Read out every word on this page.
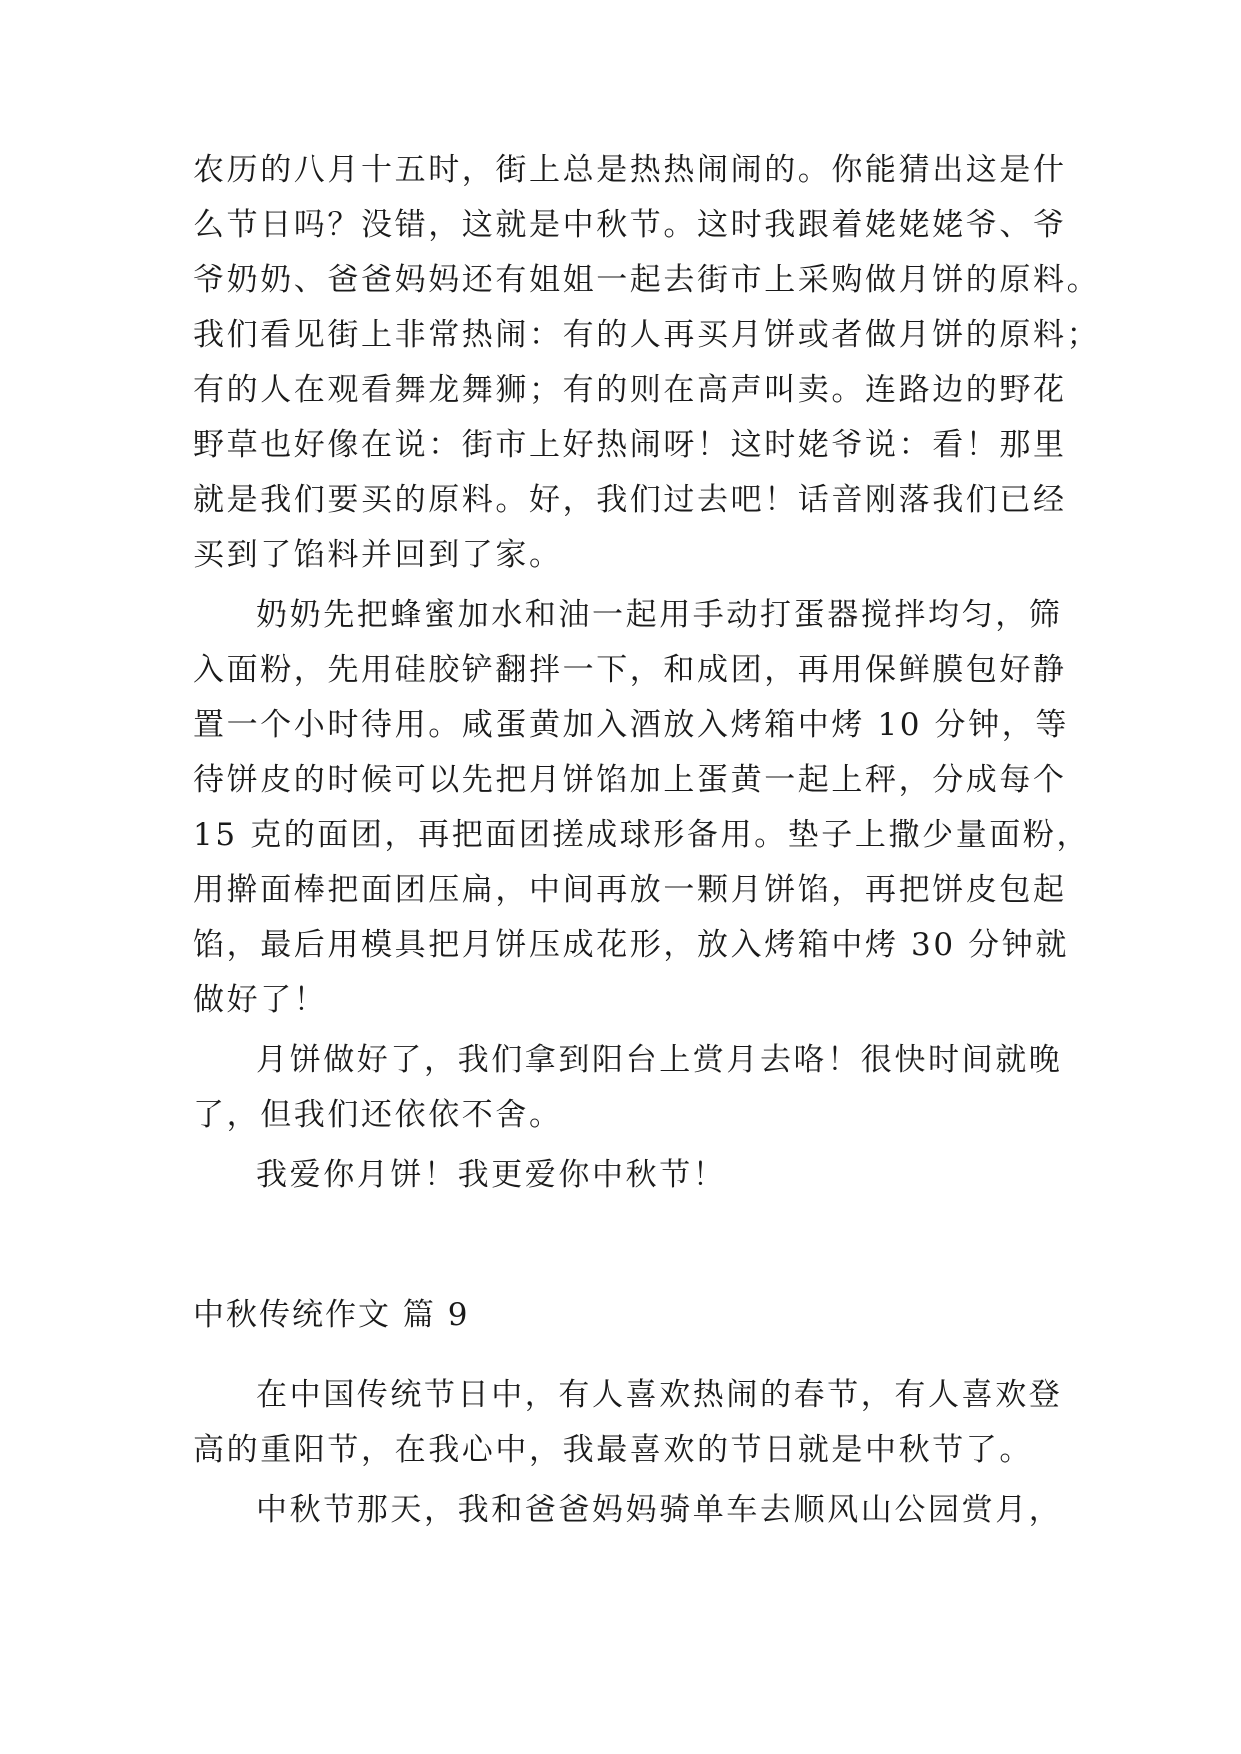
农历的八月十五时，街上总是热热闹闹的。你能猜出这是什
么节日吗？没错，这就是中秋节。这时我跟着姥姥姥爷、爷
爷奶奶、爸爸妈妈还有姐姐一起去街市上采购做月饼的原料。
我们看见街上非常热闹：有的人再买月饼或者做月饼的原料；
有的人在观看舞龙舞狮；有的则在高声叫卖。连路边的野花
野草也好像在说：街市上好热闹呀！这时姥爷说：看！那里
就是我们要买的原料。好，我们过去吧！话音刚落我们已经
买到了馅料并回到了家。
奶奶先把蜂蜜加水和油一起用手动打蛋器搅拌均匀，筛
入面粉，先用硅胶铲翻拌一下，和成团，再用保鲜膜包好静
置一个小时待用。咸蛋黄加入酒放入烤箱中烤 10 分钟，等
待饼皮的时候可以先把月饼馅加上蛋黄一起上秤，分成每个
15 克的面团，再把面团搓成球形备用。垫子上撒少量面粉，
用擀面棒把面团压扁，中间再放一颗月饼馅，再把饼皮包起
馅，最后用模具把月饼压成花形，放入烤箱中烤 30 分钟就
做好了！
月饼做好了，我们拿到阳台上赏月去咯！很快时间就晚
了，但我们还依依不舍。
我爱你月饼！我更爱你中秋节！
中秋传统作文 篇 9
在中国传统节日中，有人喜欢热闹的春节，有人喜欢登
高的重阳节，在我心中，我最喜欢的节日就是中秋节了。
中秋节那天，我和爸爸妈妈骑单车去顺风山公园赏月，
